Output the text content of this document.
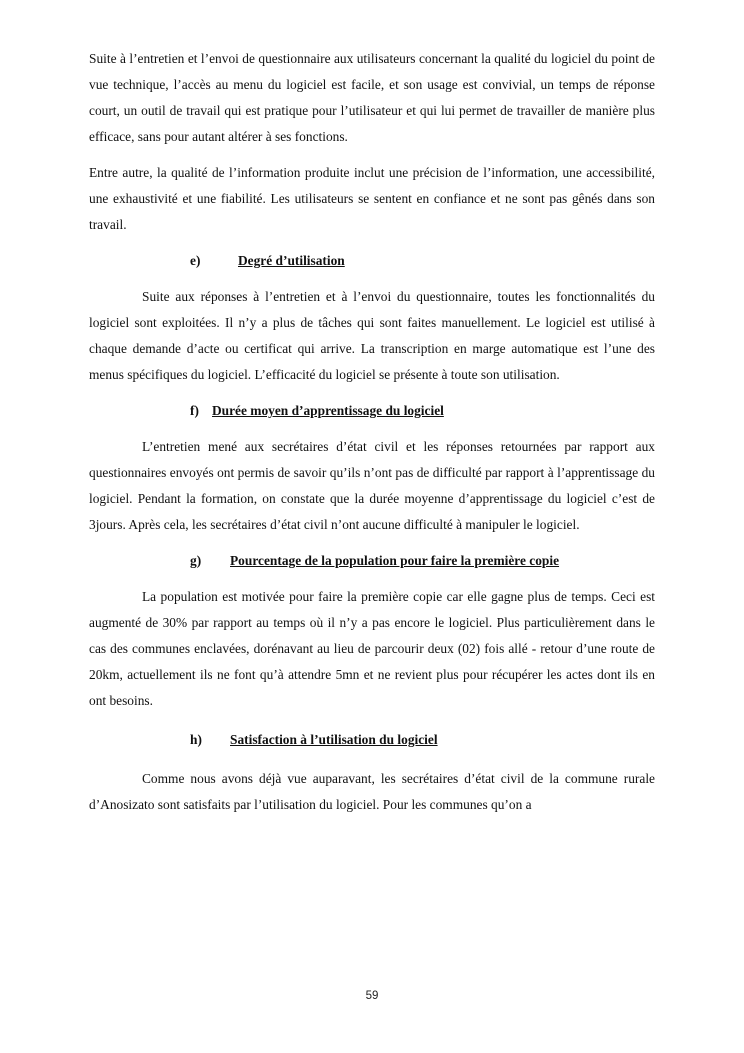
Suite à l’entretien et l’envoi de questionnaire aux utilisateurs concernant la qualité du logiciel du point de vue technique, l’accès au menu du logiciel est facile, et son usage est convivial, un temps de réponse court, un outil de travail qui est pratique pour l’utilisateur et qui lui permet de travailler de manière plus efficace, sans pour autant altérer à ses fonctions.

Entre autre, la qualité de l’information produite inclut une précision de l’information, une accessibilité, une exhaustivité et une fiabilité. Les utilisateurs se sentent en confiance et ne sont pas gênés dans son travail.

e)	Degré d’utilisation

Suite aux réponses à l’entretien et à l’envoi du questionnaire, toutes les fonctionnalités du logiciel sont exploitées. Il n’y a plus de tâches qui sont faites manuellement. Le logiciel est utilisé à chaque demande d’acte ou certificat qui arrive. La transcription en marge automatique est l’une des menus spécifiques du logiciel. L’efficacité du logiciel se présente à toute son utilisation.

f) Durée moyen d’apprentissage du logiciel

L’entretien mené aux secrétaires d’état civil et les réponses retournées par rapport aux questionnaires envoyés ont permis de savoir qu’ils n’ont pas de difficulté par rapport à l’apprentissage du logiciel. Pendant la formation, on constate que la durée moyenne d’apprentissage du logiciel c’est de 3jours. Après cela, les secrétaires d’état civil n’ont aucune difficulté à manipuler le logiciel.

g) Pourcentage de la population pour faire la première copie

La population est motivée pour faire la première copie car elle gagne plus de temps. Ceci est augmenté de 30% par rapport au temps où il n’y a pas encore le logiciel. Plus particulièrement dans le cas des communes enclavées, dorénavant au lieu de parcourir deux (02) fois allé - retour d’une route de 20km, actuellement ils ne font qu’à attendre 5mn et ne revient plus pour récupérer les actes dont ils en ont besoins.

h) Satisfaction à l’utilisation du logiciel

Comme nous avons déjà vue auparavant, les secrétaires d’état civil de la commune rurale d’Anosizato sont satisfaits par l’utilisation du logiciel. Pour les communes qu’on a

59
